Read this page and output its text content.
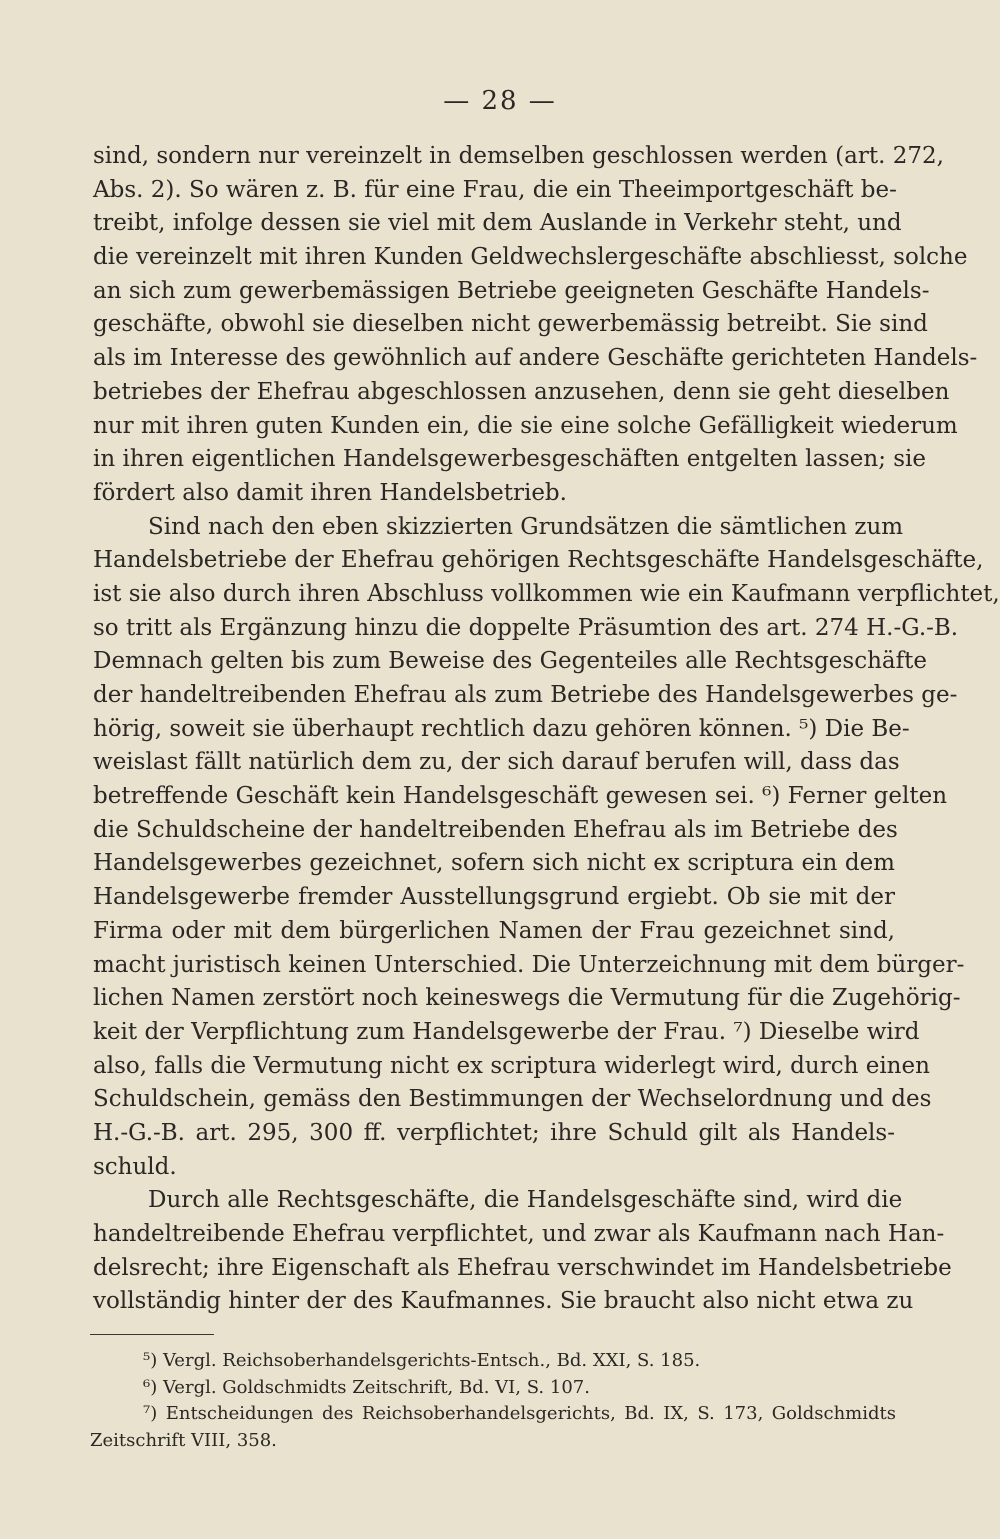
— 28 —
sind, sondern nur vereinzelt in demselben geschlossen werden (art. 272,
Abs. 2). So wären z. B. für eine Frau, die ein Theeimportgeschäft be-
treibt, infolge dessen sie viel mit dem Auslande in Verkehr steht, und
die vereinzelt mit ihren Kunden Geldwechslergeschäfte abschliesst, solche
an sich zum gewerbemässigen Betriebe geeigneten Geschäfte Handels-
geschäfte, obwohl sie dieselben nicht gewerbemässig betreibt. Sie sind
als im Interesse des gewöhnlich auf andere Geschäfte gerichteten Handels-
betriebes der Ehefrau abgeschlossen anzusehen, denn sie geht dieselben
nur mit ihren guten Kunden ein, die sie eine solche Gefälligkeit wiederum
in ihren eigentlichen Handelsgewerbesgeschäften entgelten lassen; sie
fördert also damit ihren Handelsbetrieb.
Sind nach den eben skizzierten Grundsätzen die sämtlichen zum
Handelsbetriebe der Ehefrau gehörigen Rechtsgeschäfte Handelsgeschäfte,
ist sie also durch ihren Abschluss vollkommen wie ein Kaufmann verpflichtet,
so tritt als Ergänzung hinzu die doppelte Präsumtion des art. 274 H.-G.-B.
Demnach gelten bis zum Beweise des Gegenteiles alle Rechtsgeschäfte
der handeltreibenden Ehefrau als zum Betriebe des Handelsgewerbes ge-
hörig, soweit sie überhaupt rechtlich dazu gehören können. ⁵) Die Be-
weislast fällt natürlich dem zu, der sich darauf berufen will, dass das
betreffende Geschäft kein Handelsgeschäft gewesen sei. ⁶) Ferner gelten
die Schuldscheine der handeltreibenden Ehefrau als im Betriebe des
Handelsgewerbes gezeichnet, sofern sich nicht ex scriptura ein dem
Handelsgewerbe fremder Ausstellungsgrund ergiebt. Ob sie mit der
Firma oder mit dem bürgerlichen Namen der Frau gezeichnet sind,
macht juristisch keinen Unterschied. Die Unterzeichnung mit dem bürger-
lichen Namen zerstört noch keineswegs die Vermutung für die Zugehörig-
keit der Verpflichtung zum Handelsgewerbe der Frau. ⁷) Dieselbe wird
also, falls die Vermutung nicht ex scriptura widerlegt wird, durch einen
Schuldschein, gemäss den Bestimmungen der Wechselordnung und des
H.-G.-B. art. 295, 300 ff. verpflichtet; ihre Schuld gilt als Handels-
schuld.
Durch alle Rechtsgeschäfte, die Handelsgeschäfte sind, wird die
handeltreibende Ehefrau verpflichtet, und zwar als Kaufmann nach Han-
delsrecht; ihre Eigenschaft als Ehefrau verschwindet im Handelsbetriebe
vollständig hinter der des Kaufmannes. Sie braucht also nicht etwa zu
⁵) Vergl. Reichsoberhandelsgerichts-Entsch., Bd. XXI, S. 185.
⁶) Vergl. Goldschmidts Zeitschrift, Bd. VI, S. 107.
⁷) Entscheidungen des Reichsoberhandelsgerichts, Bd. IX, S. 173, Goldschmidts
Zeitschrift VIII, 358.
